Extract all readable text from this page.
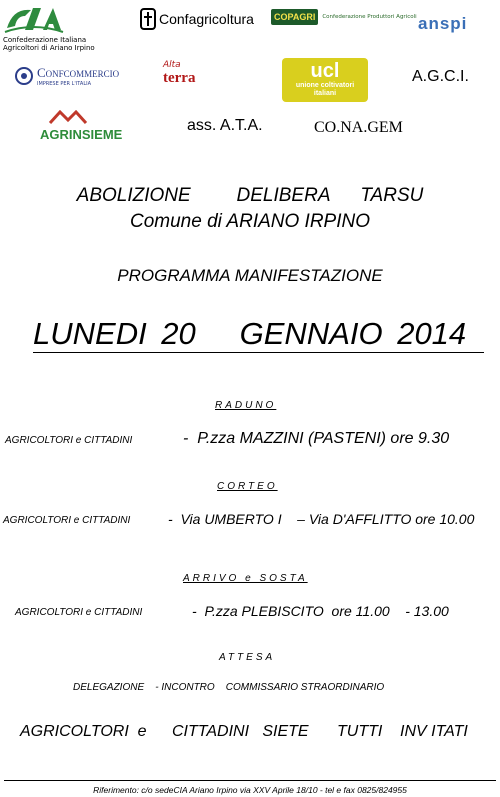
Confederazione Italiana
Agricoltori di Ariano Irpino
Confagricoltura	COPAGRI	Confederazione Produttori Agricoli anspi
Confcommercio
IMPRESE PER L'ITALIA
Alta
terra	ucl
unione coltivatori
italiani
A.G.C.I.
AGRINSIEME
ass. A.T.A.	CO.NA.GEM
ABOLIZIONE   DELIBERA  TARSU
Comune di ARIANO IRPINO
PROGRAMMA MANIFESTAZIONE
LUNEDI 20   GENNAIO 2014
RADUNO
AGRICOLTORI e CITTADINI	-  P.zza MAZZINI (PASTENI) ore 9.30
CORTEO
AGRICOLTORI e CITTADINI	-  Via UMBERTO I    – Via D'AFFLITTO ore 10.00
ARRIVO e SOSTA
AGRICOLTORI e CITTADINI	-  P.zza PLEBISCITO  ore 11.00    - 13.00
ATTESA
DELEGAZIONE    - INCONTRO    COMMISSARIO STRAORDINARIO
AGRICOLTORI  e CITTADINI   SIETE TUTTI INV ITATI
Riferimento: c/o sedeCIA Ariano Irpino via XXV Aprile 18/10 - tel e fax 0825/824955
